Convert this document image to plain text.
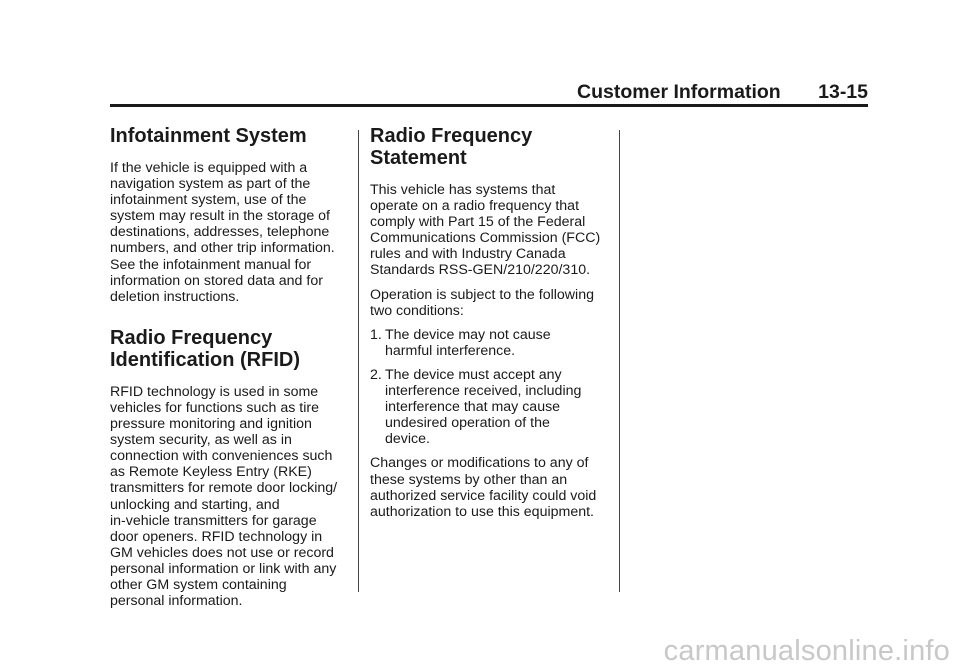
Customer Information 13-15
Infotainment System

If the vehicle is equipped with a
navigation system as part of the
infotainment system, use of the
system may result in the storage of
destinations, addresses, telephone
numbers, and other trip information.
See the infotainment manual for
information on stored data and for
deletion instructions.

Radio Frequency
Identification (RFID)

RFID technology is used in some
vehicles for functions such as tire
pressure monitoring and ignition
system security, as well as in
connection with conveniences such
as Remote Keyless Entry (RKE)
transmitters for remote door locking/
unlocking and starting, and
in-vehicle transmitters for garage
door openers. RFID technology in
GM vehicles does not use or record
personal information or link with any
other GM system containing
personal information.

Radio Frequency
Statement

This vehicle has systems that
operate on a radio frequency that
comply with Part 15 of the Federal
Communications Commission (FCC)
rules and with Industry Canada
Standards RSS-GEN/210/220/310.

Operation is subject to the following
two conditions:

1. The device may not cause
harmful interference.
2. The device must accept any
interference received, including
interference that may cause
undesired operation of the
device.

Changes or modifications to any of
these systems by other than an
authorized service facility could void
authorization to use this equipment.

carmanualsonline.info
